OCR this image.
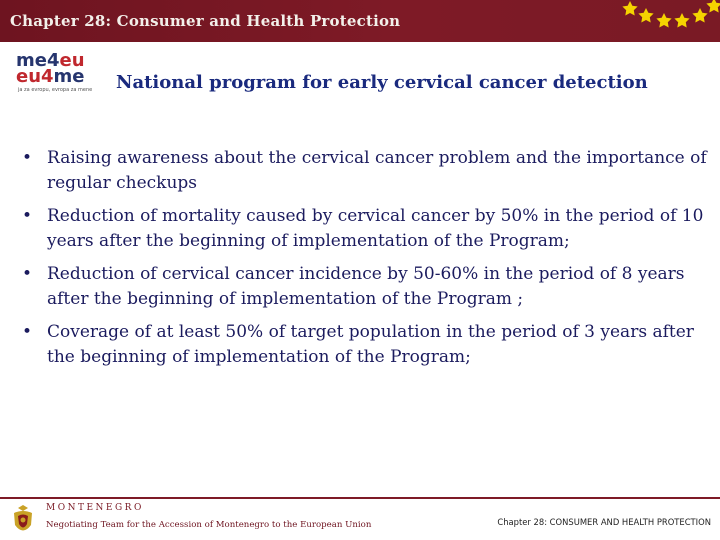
Chapter 28: Consumer and Health Protection
me4eu
eu4me
ja za evropu, evropa za mene National program for early cervical cancer detection
• Raising awareness about the cervical cancer problem and the importance of regular checkups
• Reduction of mortality caused by cervical cancer by 50% in the period of 10 years after the beginning of implementation of the Program;
• Reduction of cervical cancer incidence by 50-60% in the period of 8 years after the beginning of implementation of the Program ;
• Coverage of at least 50% of target population in the period of 3 years after the beginning of implementation of the Program;
MONTENEGRO
Negotiating Team for the Accession of Montenegro to the European Union	Chapter 28: CONSUMER AND HEALTH PROTECTION
